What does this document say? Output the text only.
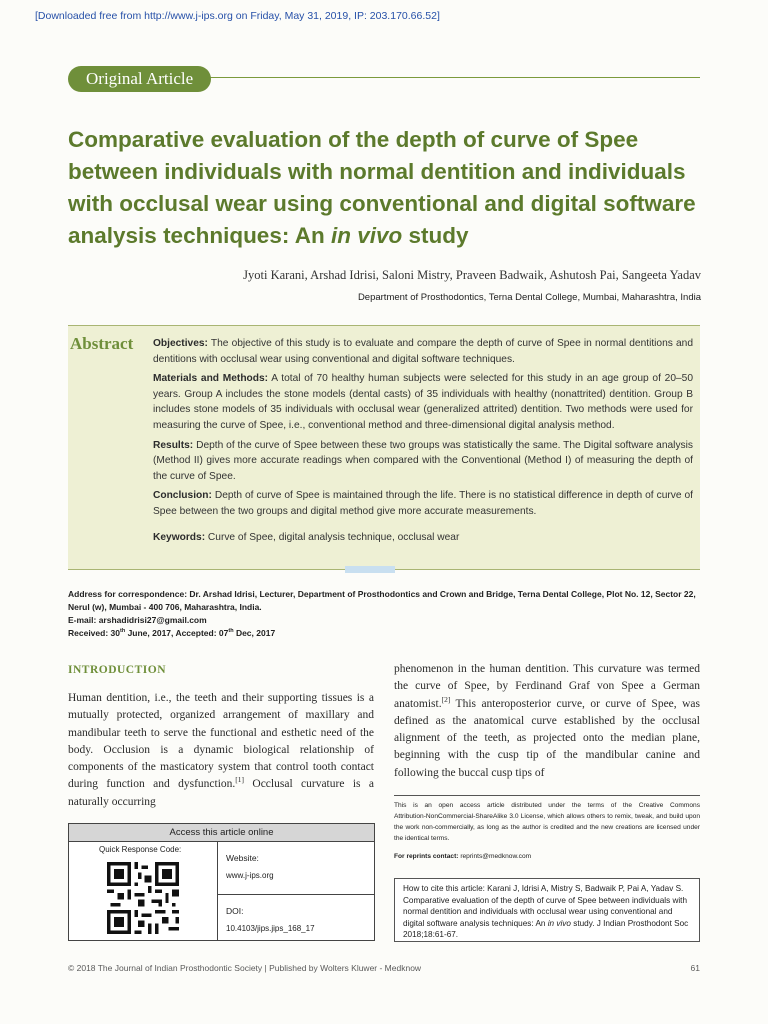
[Downloaded free from http://www.j-ips.org on Friday, May 31, 2019, IP: 203.170.66.52]
Original Article
Comparative evaluation of the depth of curve of Spee between individuals with normal dentition and individuals with occlusal wear using conventional and digital software analysis techniques: An in vivo study
Jyoti Karani, Arshad Idrisi, Saloni Mistry, Praveen Badwaik, Ashutosh Pai, Sangeeta Yadav
Department of Prosthodontics, Terna Dental College, Mumbai, Maharashtra, India
Abstract Objectives: The objective of this study is to evaluate and compare the depth of curve of Spee in normal dentitions and dentitions with occlusal wear using conventional and digital software techniques.

Materials and Methods: A total of 70 healthy human subjects were selected for this study in an age group of 20–50 years. Group A includes the stone models (dental casts) of 35 individuals with healthy (nonattrited) dentition. Group B includes stone models of 35 individuals with occlusal wear (generalized attrited) dentition. Two methods were used for measuring the curve of Spee, i.e., conventional method and three‑dimensional digital analysis method.

Results: Depth of the curve of Spee between these two groups was statistically the same. The Digital software analysis (Method II) gives more accurate readings when compared with the Conventional (Method I) of measuring the depth of the curve of Spee.

Conclusion: Depth of curve of Spee is maintained through the life. There is no statistical difference in depth of curve of Spee between the two groups and digital method give more accurate measurements.

Keywords: Curve of Spee, digital analysis technique, occlusal wear

Address for correspondence: Dr. Arshad Idrisi, Lecturer, Department of Prosthodontics and Crown and Bridge, Terna Dental College, Plot No. 12, Sector 22, Nerul (w), Mumbai ‑ 400 706, Maharashtra, India.
E‑mail: arshadidrisi27@gmail.com
Received: 30th June, 2017, Accepted: 07th Dec, 2017
INTRODUCTION
Human dentition, i.e., the teeth and their supporting tissues is a mutually protected, organized arrangement of maxillary and mandibular teeth to serve the functional and esthetic need of the body. Occlusion is a dynamic biological relationship of components of the masticatory system that control tooth contact during function and dysfunction.[1] Occlusal curvature is a naturally occurring
phenomenon in the human dentition. This curvature was termed the curve of Spee, by Ferdinand Graf von Spee a German anatomist.[2] This anteroposterior curve, or curve of Spee, was defined as the anatomical curve established by the occlusal alignment of the teeth, as projected onto the median plane, beginning with the cusp tip of the mandibular canine and following the buccal cusp tips of
Access this article online
Quick Response Code:
Website:
www.j-ips.org
DOI:
10.4103/jips.jips_168_17
This is an open access article distributed under the terms of the Creative Commons Attribution‑NonCommercial‑ShareAlike 3.0 License, which allows others to remix, tweak, and build upon the work non‑commercially, as long as the author is credited and the new creations are licensed under the identical terms.
For reprints contact: reprints@medknow.com
How to cite this article: Karani J, Idrisi A, Mistry S, Badwaik P, Pai A, Yadav S. Comparative evaluation of the depth of curve of Spee between individuals with normal dentition and individuals with occlusal wear using conventional and digital software analysis techniques: An in vivo study. J Indian Prosthodont Soc 2018;18:61‑67.
© 2018 The Journal of Indian Prosthodontic Society | Published by Wolters Kluwer ‑ Medknow	61
